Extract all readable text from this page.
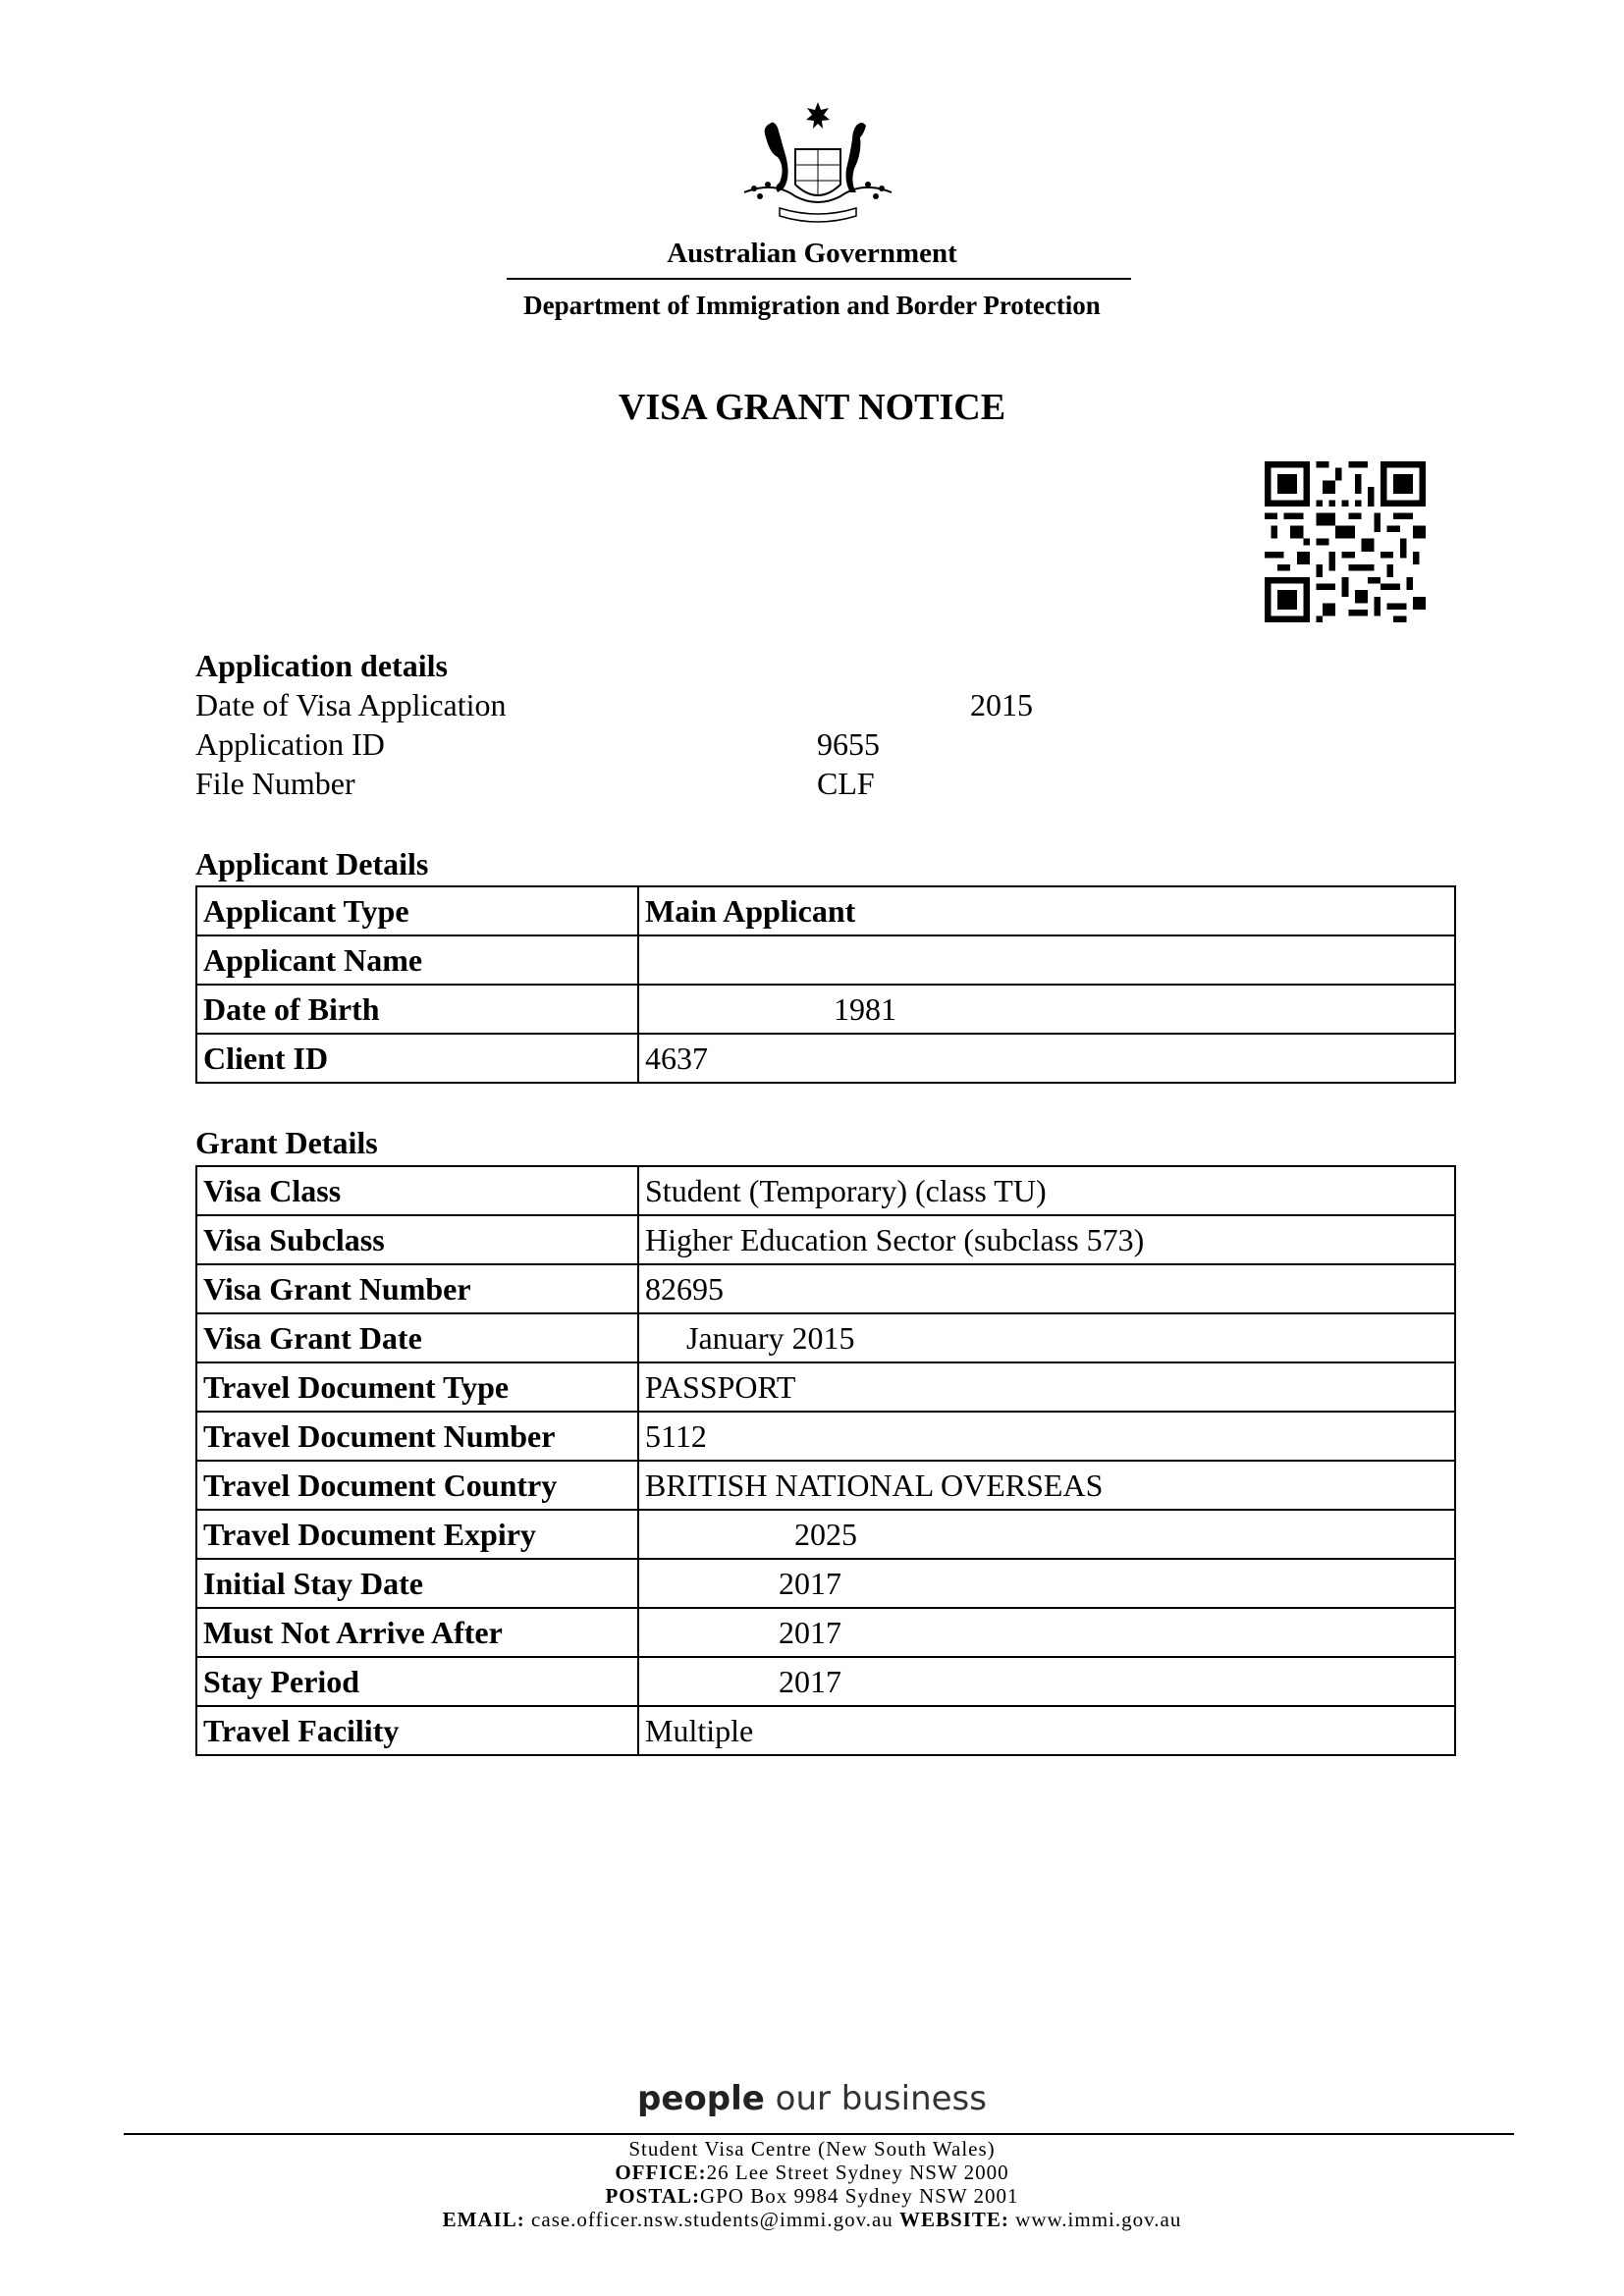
Australian Government
Department of Immigration and Border Protection
VISA GRANT NOTICE
Application details
Date of Visa Application	2015
Application ID	9655
File Number	CLF
Applicant Details
Applicant Type	Main Applicant
Applicant Name	
Date of Birth	1981
Client ID	4637
Grant Details
Visa Class	Student (Temporary) (class TU)
Visa Subclass	Higher Education Sector (subclass 573)
Visa Grant Number	82695
Visa Grant Date	January 2015
Travel Document Type	PASSPORT
Travel Document Number	5112
Travel Document Country	BRITISH NATIONAL OVERSEAS
Travel Document Expiry	2025
Initial Stay Date	2017
Must Not Arrive After	2017
Stay Period	2017
Travel Facility	Multiple
people our business
Student Visa Centre (New South Wales)
OFFICE:26 Lee Street Sydney NSW 2000
POSTAL:GPO Box 9984 Sydney NSW 2001
EMAIL: case.officer.nsw.students@immi.gov.au WEBSITE: www.immi.gov.au
